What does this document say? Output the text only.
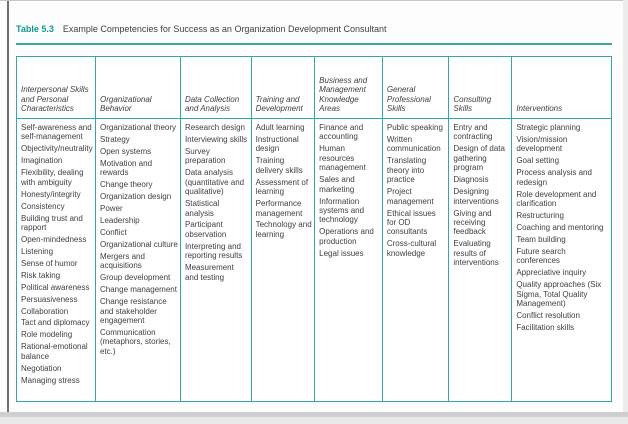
Table 5.3 Example Competencies for Success as an Organization Development Consultant
Interpersonal Skills and Personal Characteristics
Self-awareness and self-management
Objectivity/neutrality
Imagination
Flexibility, dealing with ambiguity
Honesty/integrity
Consistency
Building trust and rapport
Open-mindedness
Listening
Sense of humor
Risk taking
Political awareness
Persuasiveness
Collaboration
Tact and diplomacy
Role modeling
Rational-emotional balance
Negotiation
Managing stress
Organizational Behavior
Organizational theory
Strategy
Open systems
Motivation and rewards
Change theory
Organization design
Power
Leadership
Conflict
Organizational culture
Mergers and acquisitions
Group development
Change management
Change resistance and stakeholder engagement
Communication (metaphors, stories, etc.)
Data Collection and Analysis
Research design
Interviewing skills
Survey preparation
Data analysis (quantitative and qualitative)
Statistical analysis
Participant observation
Interpreting and reporting results
Measurement and testing
Training and Development
Adult learning
Instructional design
Training delivery skills
Assessment of learning
Performance management
Technology and learning
Business and Management Knowledge Areas
Finance and accounting
Human resources management
Sales and marketing
Information systems and technology
Operations and production
Legal issues
General Professional Skills
Public speaking
Written communication
Translating theory into practice
Project management
Ethical issues for OD consultants
Cross-cultural knowledge
Consulting Skills
Entry and contracting
Design of data gathering program
Diagnosis
Designing interventions
Giving and receiving feedback
Evaluating results of interventions
Interventions
Strategic planning
Vision/mission development
Goal setting
Process analysis and redesign
Role development and clarification
Restructuring
Coaching and mentoring
Team building
Future search conferences
Appreciative inquiry
Quality approaches (Six Sigma, Total Quality Management)
Conflict resolution
Facilitation skills
